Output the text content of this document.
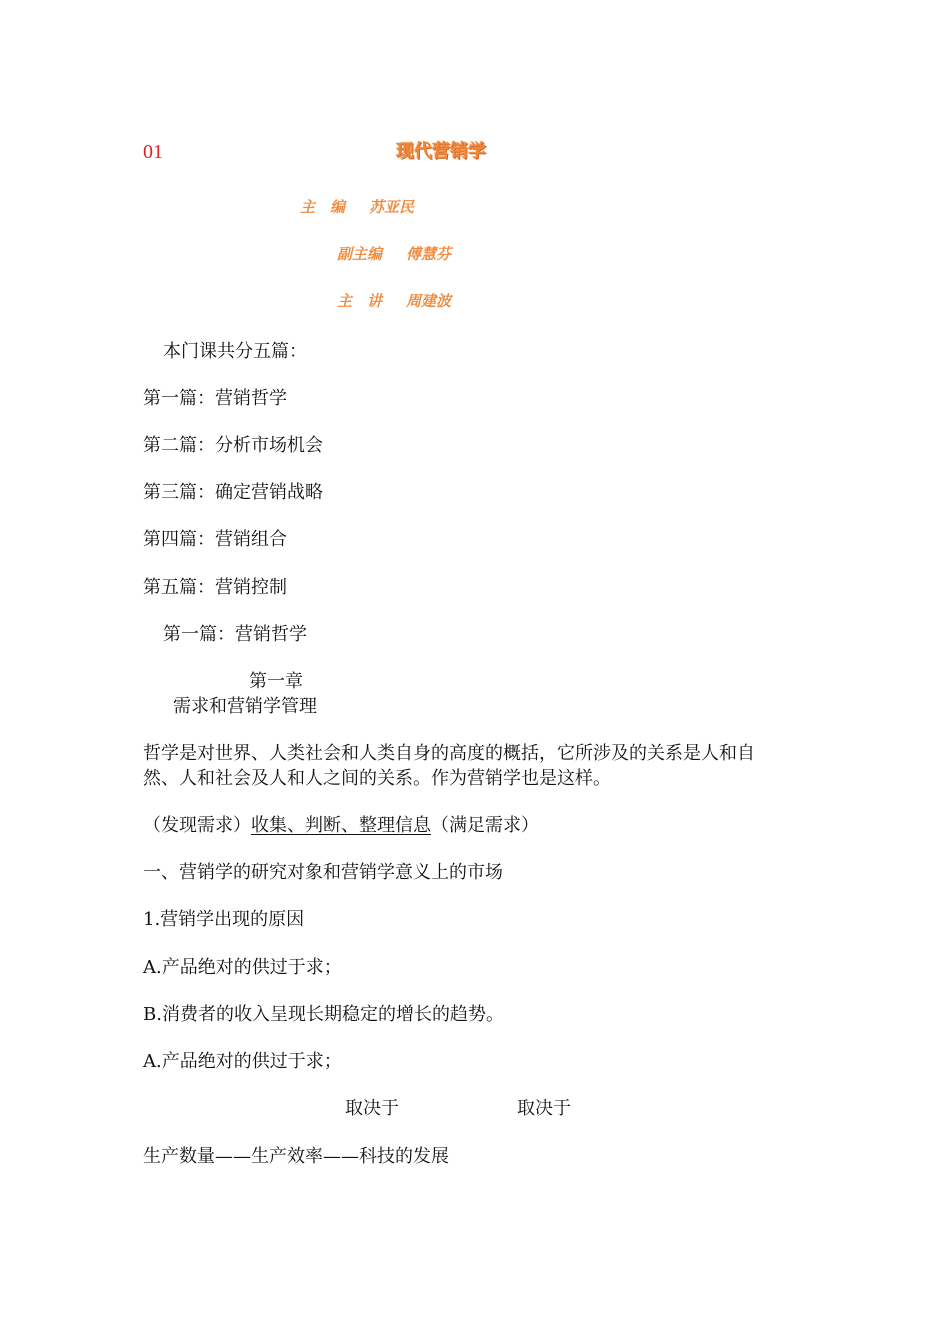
01	现代营销学
主　编 苏亚民
副主编 傅慧芬
主　讲 周建波
本门课共分五篇：
第一篇：营销哲学
第二篇：分析市场机会
第三篇：确定营销战略
第四篇：营销组合
第五篇：营销控制
第一篇：营销哲学
第一章
需求和营销学管理
哲学是对世界、人类社会和人类自身的高度的概括，它所涉及的关系是人和自
然、人和社会及人和人之间的关系。作为营销学也是这样。
（发现需求）收集、判断、整理信息（满足需求）
一、营销学的研究对象和营销学意义上的市场
1.营销学出现的原因
A.产品绝对的供过于求；
B.消费者的收入呈现长期稳定的增长的趋势。
A.产品绝对的供过于求；
取决于	取决于
生产数量——生产效率——科技的发展
